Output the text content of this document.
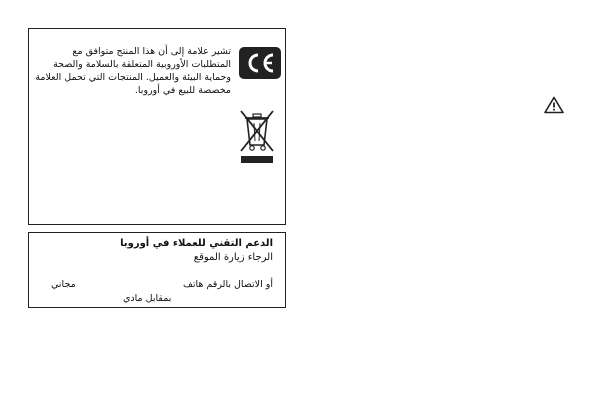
تشير علامة إلى أن هذا المنتج متوافق مع
المتطلبات الأوروبية المتعلقة بالسلامة والصحة
وحماية البيئة والعميل. المنتجات التي تحمل العلامة
مخصصة للبيع في أوروبا.
الدعم التقني للعملاء في أوروبا
الرجاء زيارة الموقع
أو الاتصال بالرقم هاتف
مجاني
بمقابل مادي
